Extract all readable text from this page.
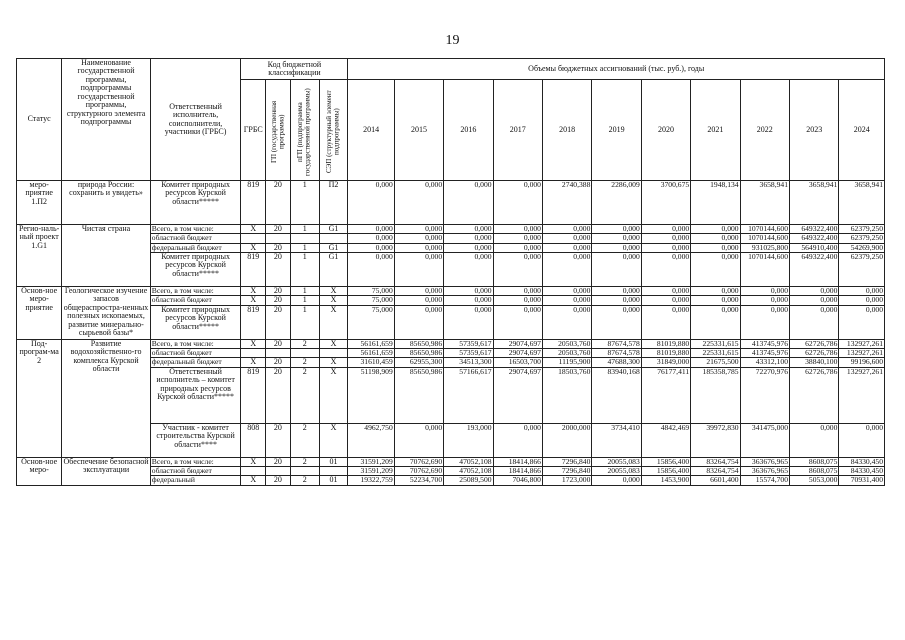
19
Статус	Наименование государственной программы, подпрограммы государственной программы, структурного элемента подпрограммы	Ответственный исполнитель, соисполнители, участники (ГРБС)	Код бюджетной классификации				Объемы бюджетных ассигнований (тыс. руб.), годы										
			ГРБС	ГП (государственная программа)	пГП (подпрограмма государственной программы)	СЭП (структурный элемент подпрограммы)	2014	2015	2016	2017	2018	2019	2020	2021	2022	2023	2024
меро-приятие 1.П2	природа России: сохранить и увидеть»	Комитет природных ресурсов Курской области*****	819	20	1	П2	0,000	0,000	0,000	0,000	2740,388	2286,009	3700,675	1948,134	3658,941	3658,941	3658,941
Регио-наль-ный проект 1.G1	Чистая страна	Всего, в том числе:	X	20	1	G1	0,000	0,000	0,000	0,000	0,000	0,000	0,000	0,000	1070144,600	649322,400	62379,250
		областной бюджет					0,000	0,000	0,000	0,000	0,000	0,000	0,000	0,000	1070144,600	649322,400	62379,250
		федеральный бюджет	X	20	1	G1	0,000	0,000	0,000	0,000	0,000	0,000	0,000	0,000	931025,800	564910,400	54269,900
		Комитет природных ресурсов Курской области*****	819	20	1	G1	0,000	0,000	0,000	0,000	0,000	0,000	0,000	0,000	1070144,600	649322,400	62379,250
Основ-ное меро-приятие	Геологическое изучение запасов общераспростра-ненных полезных ископаемых, развитие минерально-сырьевой базы*	Всего, в том числе:	X	20	1	X	75,000	0,000	0,000	0,000	0,000	0,000	0,000	0,000	0,000	0,000	0,000
		областной бюджет	X	20	1	X	75,000	0,000	0,000	0,000	0,000	0,000	0,000	0,000	0,000	0,000	0,000
		Комитет природных ресурсов Курской области*****	819	20	1	X	75,000	0,000	0,000	0,000	0,000	0,000	0,000	0,000	0,000	0,000	0,000
Под-програм-ма 2	Развитие водохозяйственно-го комплекса Курской области	Всего, в том числе:	X	20	2	X	56161,659	85650,986	57359,617	29074,697	20503,760	87674,578	81019,880	225331,615	413745,976	62726,786	132927,261
		областной бюджет					56161,659	85650,986	57359,617	29074,697	20503,760	87674,578	81019,880	225331,615	413745,976	62726,786	132927,261
		федеральный бюджет	X	20	2	X	31610,459	62955,300	34513,300	16503,700	11195,900	47688,300	31849,000	21675,500	43312,100	38840,100	99196,600
		Ответственный исполнитель – комитет природных ресурсов Курской области*****	819	20	2	X	51198,909	85650,986	57166,617	29074,697	18503,760	83940,168	76177,411	185358,785	72270,976	62726,786	132927,261
		Участник - комитет строительства Курской области****	808	20	2	X	4962,750	0,000	193,000	0,000	2000,000	3734,410	4842,469	39972,830	341475,000	0,000	0,000
Основ-ное меро-	Обеспечение безопасной эксплуатации	Всего, в том числе:	X	20	2	01	31591,209	70762,690	47052,108	18414,866	7296,840	20055,083	15856,400	83264,754	363676,965	8608,075	84330,450
		областной бюджет					31591,209	70762,690	47052,108	18414,866	7296,840	20055,083	15856,400	83264,754	363676,965	8608,075	84330,450
		федеральный	X	20	2	01	19322,759	52234,700	25089,500	7046,800	1723,000	0,000	1453,900	6601,400	15574,700	5053,000	70931,400
